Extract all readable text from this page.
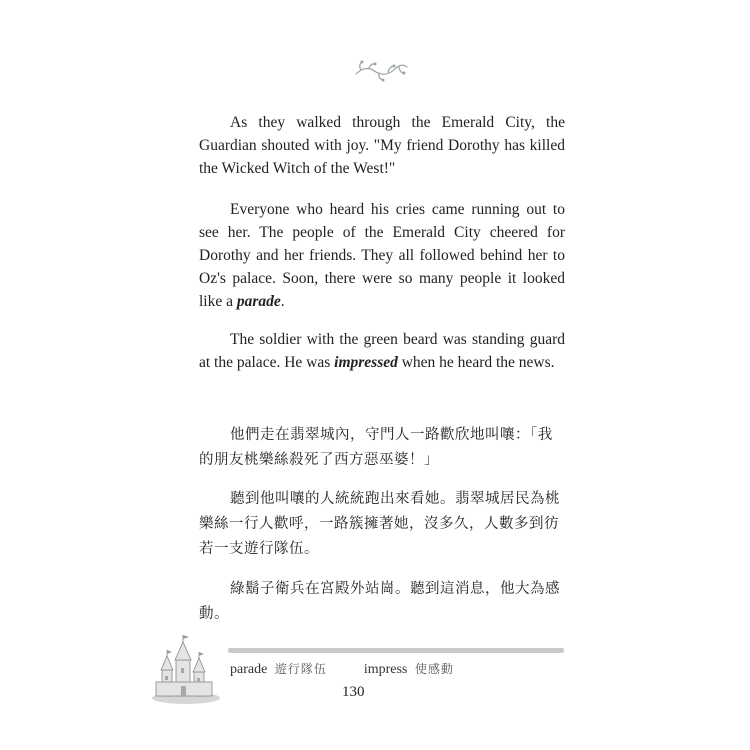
As they walked through the Emerald City, the Guardian shouted with joy. "My friend Dorothy has killed the Wicked Witch of the West!"

Everyone who heard his cries came running out to see her. The people of the Emerald City cheered for Dorothy and her friends. They all followed behind her to Oz's palace. Soon, there were so many people it looked like a parade.

The soldier with the green beard was standing guard at the palace. He was impressed when he heard the news.

他們走在翡翠城內，守門人一路歡欣地叫嚷：「我的朋友桃樂絲殺死了西方惡巫婆！」

聽到他叫嚷的人統統跑出來看她。翡翠城居民為桃樂絲一行人歡呼，一路簇擁著她，沒多久，人數多到彷若一支遊行隊伍。

綠鬍子衛兵在宮殿外站崗。聽到這消息，他大為感動。

parade 遊行隊伍	impress 使感動
130
